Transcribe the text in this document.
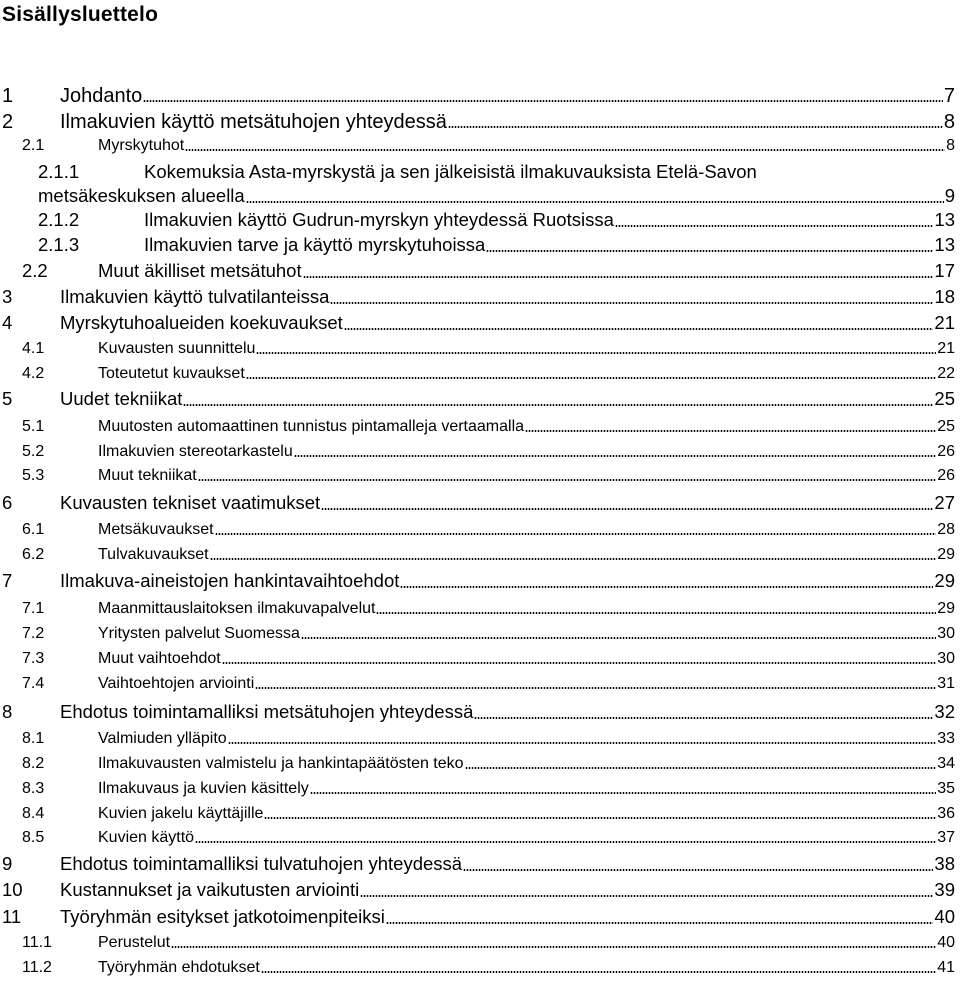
Sisällysluettelo
1	Johdanto	7
2	Ilmakuvien käyttö metsätuhojen yhteydessä	8
2.1	Myrskytuhot	8
2.1.1	Kokemuksia Asta-myrskystä ja sen jälkeisistä ilmakuvauksista Etelä-Savon
metsäkeskuksen alueella	9
2.1.2	Ilmakuvien käyttö Gudrun-myrskyn yhteydessä Ruotsissa	13
2.1.3	Ilmakuvien tarve ja käyttö myrskytuhoissa	13
2.2	Muut äkilliset metsätuhot	17
3	Ilmakuvien käyttö tulvatilanteissa	18
4	Myrskytuhoalueiden koekuvaukset	21
4.1	Kuvausten suunnittelu	21
4.2	Toteutetut kuvaukset	22
5	Uudet tekniikat	25
5.1	Muutosten automaattinen tunnistus pintamalleja vertaamalla	25
5.2	Ilmakuvien stereotarkastelu	26
5.3	Muut tekniikat	26
6	Kuvausten tekniset vaatimukset	27
6.1	Metsäkuvaukset	28
6.2	Tulvakuvaukset	29
7	Ilmakuva-aineistojen hankintavaihtoehdot	29
7.1	Maanmittauslaitoksen ilmakuvapalvelut	29
7.2	Yritysten palvelut Suomessa	30
7.3	Muut vaihtoehdot	30
7.4	Vaihtoehtojen arviointi	31
8	Ehdotus toimintamalliksi metsätuhojen yhteydessä	32
8.1	Valmiuden ylläpito	33
8.2	Ilmakuvausten valmistelu ja hankintapäätösten teko	34
8.3	Ilmakuvaus ja kuvien käsittely	35
8.4	Kuvien jakelu käyttäjille	36
8.5	Kuvien käyttö	37
9	Ehdotus toimintamalliksi tulvatuhojen yhteydessä	38
10	Kustannukset ja vaikutusten arviointi	39
11	Työryhmän esitykset jatkotoimenpiteiksi	40
11.1	Perustelut	40
11.2	Työryhmän ehdotukset	41
